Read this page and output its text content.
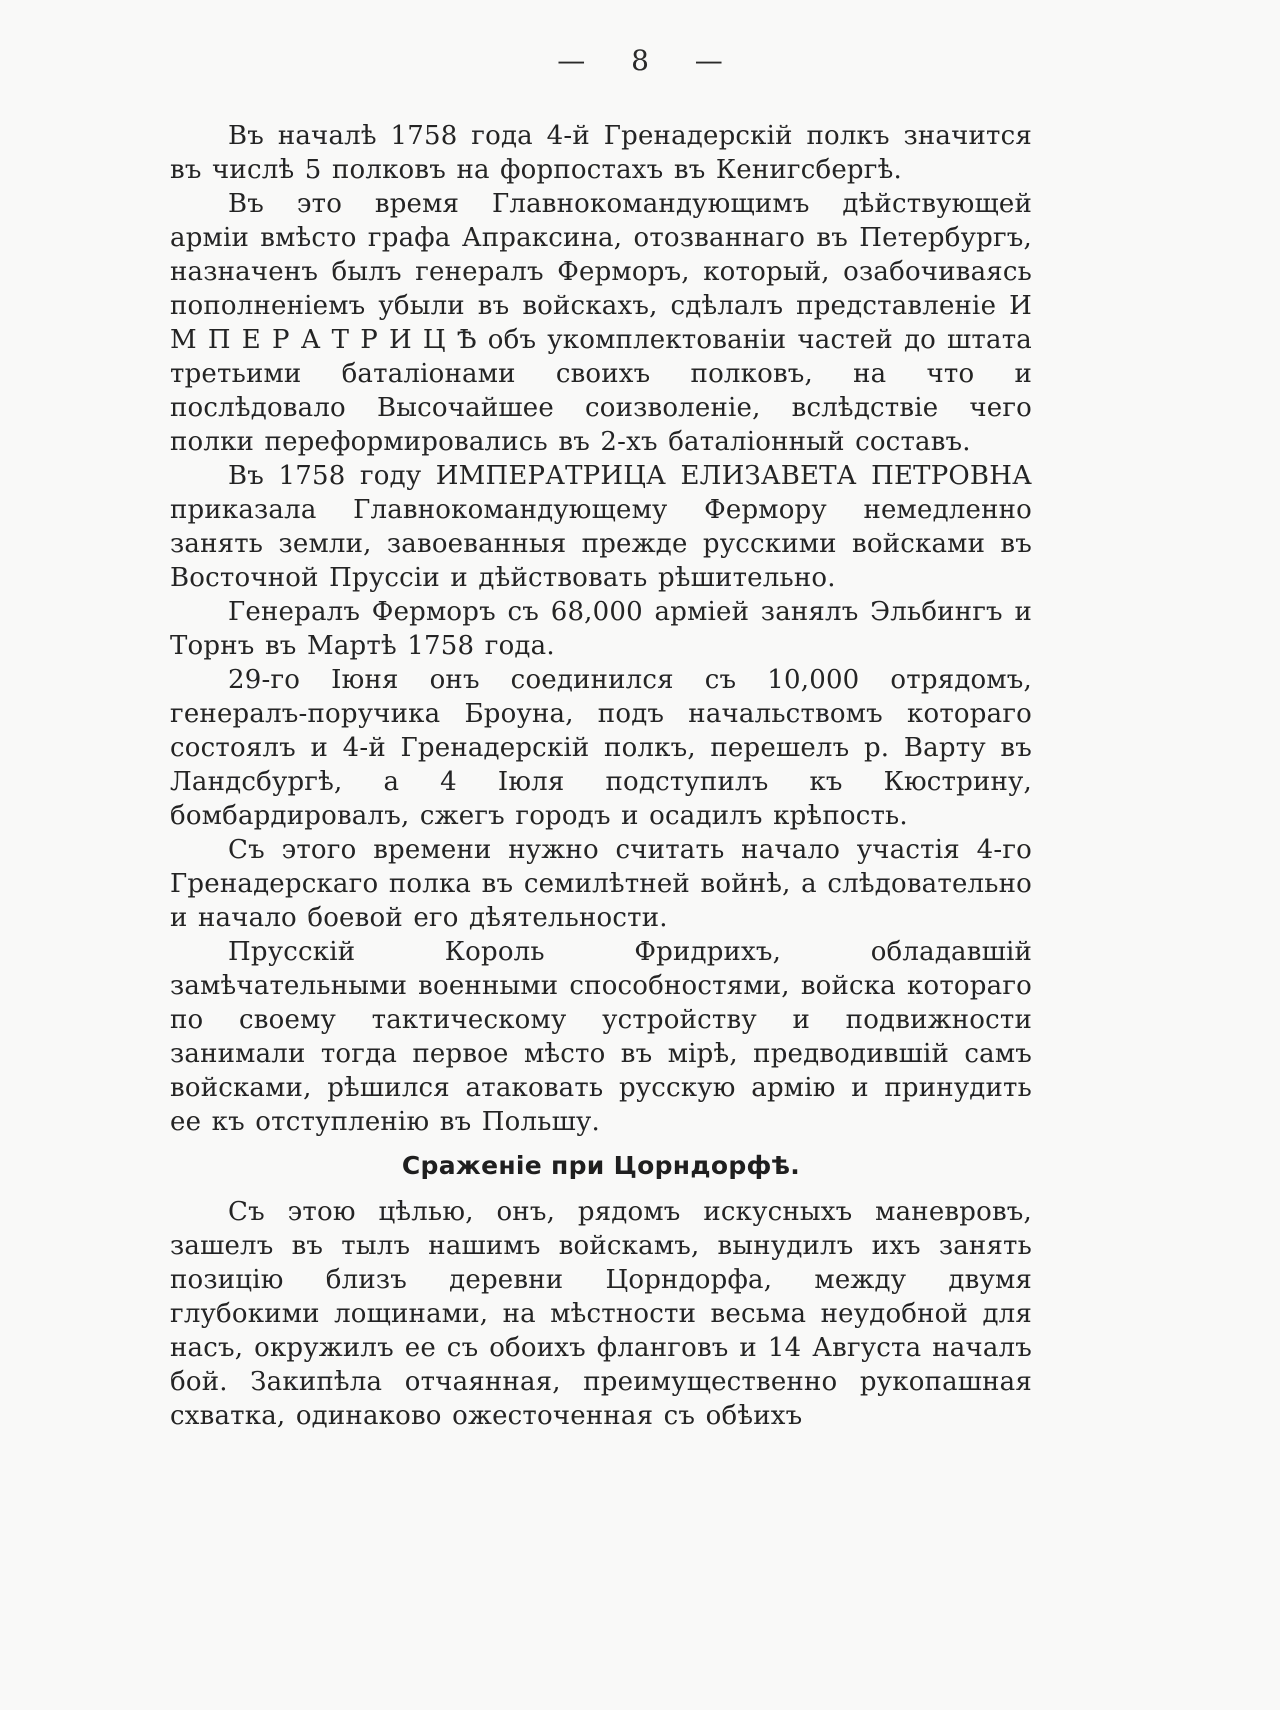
—  8  —

Въ началѣ 1758 года 4-й Гренадерскій полкъ значится въ числѣ 5 полковъ на форпостахъ въ Кенигсбергѣ.

Въ это время Главнокомандующимъ дѣйствующей арміи вмѣсто графа Апраксина, отозваннаго въ Петербургъ, назначенъ былъ генералъ Ферморъ, который, озабочиваясь пополненіемъ убыли въ войскахъ, сдѣлалъ представленіе И М П Е Р А Т Р И Ц Ѣ объ укомплектованіи частей до штата третьими баталіонами своихъ полковъ, на что и послѣдовало Высочайшее соизволеніе, вслѣдствіе чего полки переформировались въ 2-хъ баталіонный составъ.

Въ 1758 году ИМПЕРАТРИЦА ЕЛИЗАВЕТА ПЕТРОВНА приказала Главнокомандующему Фермору немедленно занять земли, завоеванныя прежде русскими войсками въ Восточной Пруссіи и дѣйствовать рѣшительно.

Генералъ Ферморъ съ 68,000 арміей занялъ Эльбингъ и Торнъ въ Мартѣ 1758 года.

29-го Іюня онъ соединился съ 10,000 отрядомъ, генералъ-поручика Броуна, подъ начальствомъ котораго состоялъ и 4-й Гренадерскій полкъ, перешелъ р. Варту въ Ландсбургѣ, а 4 Іюля подступилъ къ Кюстрину, бомбардировалъ, сжегъ городъ и осадилъ крѣпость.

Съ этого времени нужно считать начало участія 4-го Гренадерскаго полка въ семилѣтней войнѣ, а слѣдовательно и начало боевой его дѣятельности.

Прусскій Король Фридрихъ, обладавшій замѣчательными военными способностями, войска котораго по своему тактическому устройству и подвижности занимали тогда первое мѣсто въ мірѣ, предводившій самъ войсками, рѣшился атаковать русскую армію и принудить ее къ отступленію въ Польшу.

Сраженіе при Цорндорфѣ.

Съ этою цѣлью, онъ, рядомъ искусныхъ маневровъ, зашелъ въ тылъ нашимъ войскамъ, вынудилъ ихъ занять позицію близъ деревни Цорндорфа, между двумя глубокими лощинами, на мѣстности весьма неудобной для насъ, окружилъ ее съ обоихъ фланговъ и 14 Августа началъ бой. Закипѣла отчаянная, преимущественно рукопашная схватка, одинаково ожесточенная съ обѣихъ
